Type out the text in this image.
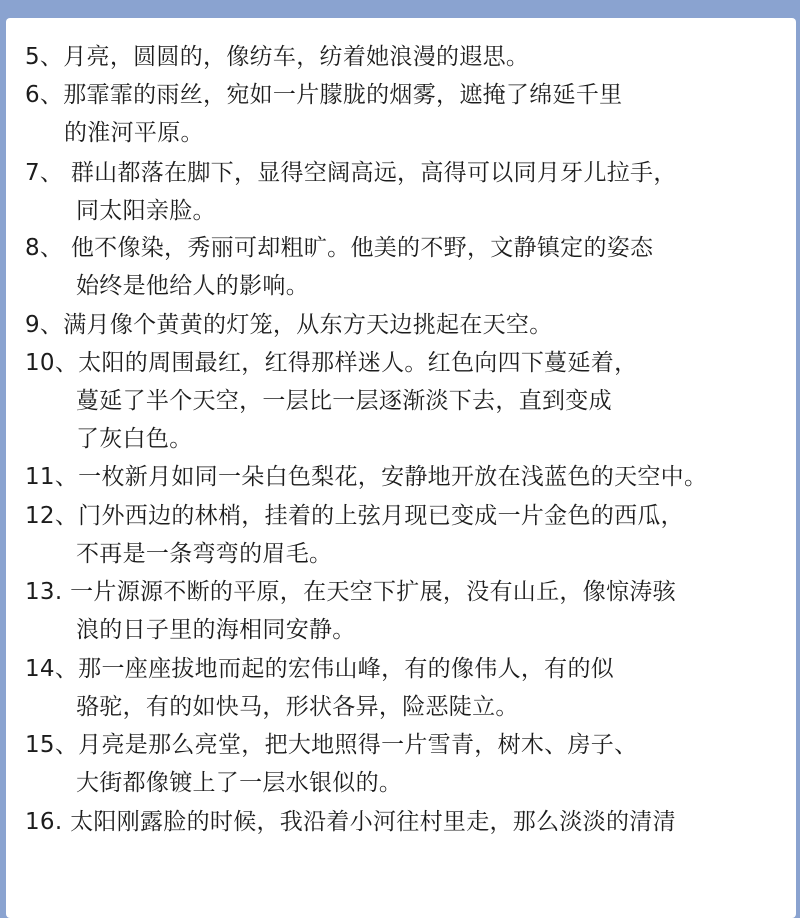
5、月亮，圆圆的，像纺车，纺着她浪漫的遐思。
6、那霏霏的雨丝，宛如一片朦胧的烟雾，遮掩了绵延千里
的淮河平原。
7、 群山都落在脚下，显得空阔高远，高得可以同月牙儿拉手，
同太阳亲脸。
8、 他不像染，秀丽可却粗旷。他美的不野，文静镇定的姿态
始终是他给人的影响。
9、满月像个黄黄的灯笼，从东方天边挑起在天空。
10、太阳的周围最红，红得那样迷人。红色向四下蔓延着，
蔓延了半个天空，一层比一层逐渐淡下去，直到变成
了灰白色。
11、一枚新月如同一朵白色梨花，安静地开放在浅蓝色的天空中。
12、门外西边的林梢，挂着的上弦月现已变成一片金色的西瓜，
不再是一条弯弯的眉毛。
13. 一片源源不断的平原，在天空下扩展，没有山丘，像惊涛骇
浪的日子里的海相同安静。
14、那一座座拔地而起的宏伟山峰，有的像伟人，有的似
骆驼，有的如快马，形状各异，险恶陡立。
15、月亮是那么亮堂，把大地照得一片雪青，树木、房子、
大街都像镀上了一层水银似的。
16. 太阳刚露脸的时候，我沿着小河往村里走，那么淡淡的清清
